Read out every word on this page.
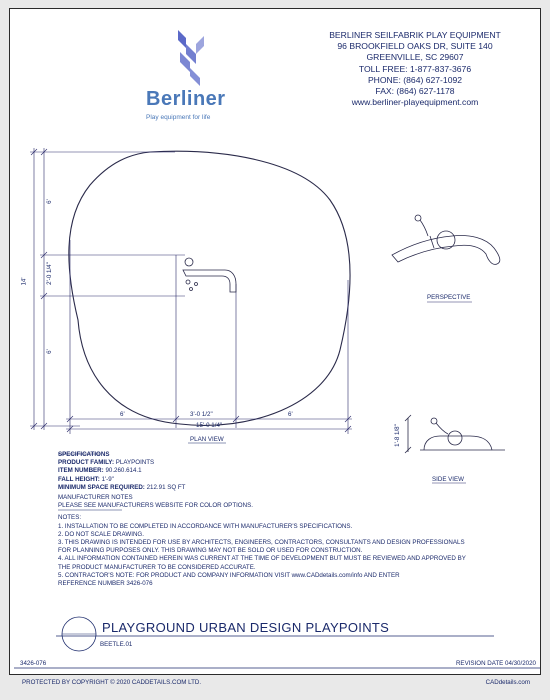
BERLINER SEILFABRIK PLAY EQUIPMENT
96 BROOKFIELD OAKS DR, SUITE 140
GREENVILLE, SC 29607
TOLL FREE: 1-877-837-3676
PHONE: (864) 627-1092
FAX: (864) 627-1178
www.berliner-playequipment.com
Berliner
Play equipment for life
14'
6'
2'-0 1/4"
6'
6'	3'-0 1/2"	6'
15'-0 1/4"
PLAN VIEW
PERSPECTIVE
SIDE VIEW
1'-8 1/8"
SPECIFICATIONS
PRODUCT FAMILY: PLAYPOINTS
ITEM NUMBER: 90.260.614.1
FALL HEIGHT: 1'-9"
MINIMUM SPACE REQUIRED: 212.91 SQ FT
MANUFACTURER NOTES
PLEASE SEE MANUFACTURERS WEBSITE FOR COLOR OPTIONS.
NOTES:
1. INSTALLATION TO BE COMPLETED IN ACCORDANCE WITH MANUFACTURER'S SPECIFICATIONS.
2. DO NOT SCALE DRAWING.
3. THIS DRAWING IS INTENDED FOR USE BY ARCHITECTS, ENGINEERS, CONTRACTORS, CONSULTANTS AND DESIGN PROFESSIONALS
FOR PLANNING PURPOSES ONLY. THIS DRAWING MAY NOT BE SOLD OR USED FOR CONSTRUCTION.
4. ALL INFORMATION CONTAINED HEREIN WAS CURRENT AT THE TIME OF DEVELOPMENT BUT MUST BE REVIEWED AND APPROVED BY
THE PRODUCT MANUFACTURER TO BE CONSIDERED ACCURATE.
5. CONTRACTOR'S NOTE: FOR PRODUCT AND COMPANY INFORMATION VISIT www.CADdetails.com/info AND ENTER
REFERENCE NUMBER 3426-076
PLAYGROUND URBAN DESIGN PLAYPOINTS
BEETLE.01
3426-076	REVISION DATE 04/30/2020
PROTECTED BY COPYRIGHT © 2020 CADDETAILS.COM LTD.	CADdetails.com
